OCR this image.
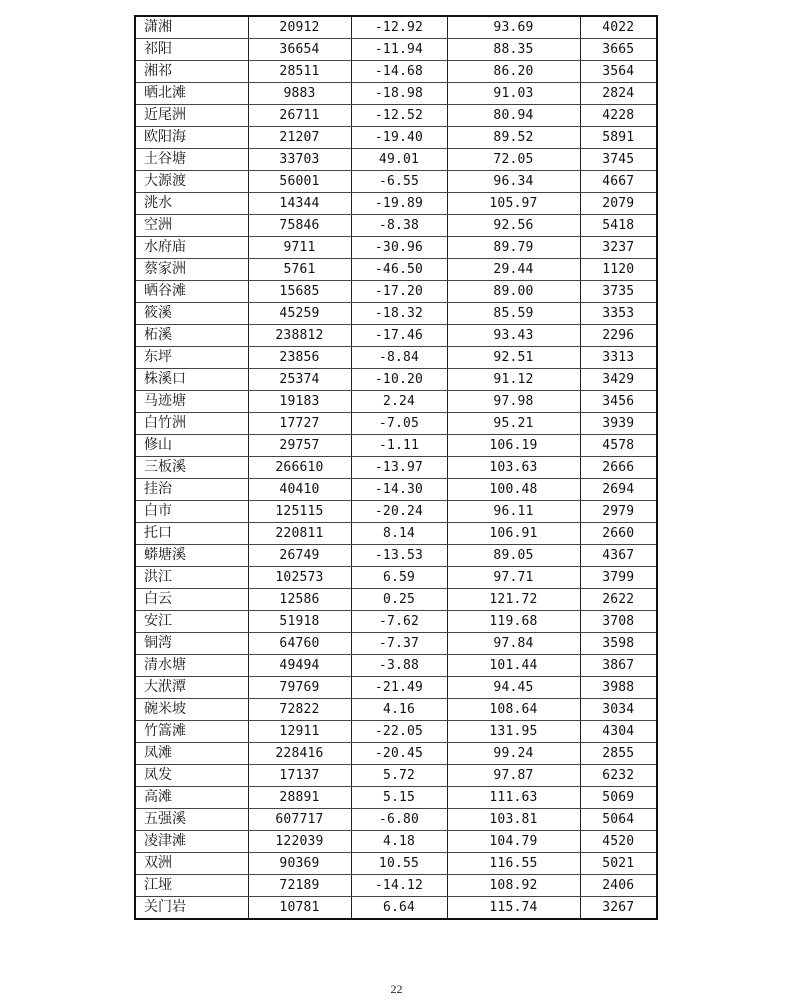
潇湘	20912	-12.92	93.69	4022
祁阳	36654	-11.94	88.35	3665
湘祁	28511	-14.68	86.20	3564
晒北滩	9883	-18.98	91.03	2824
近尾洲	26711	-12.52	80.94	4228
欧阳海	21207	-19.40	89.52	5891
土谷塘	33703	49.01	72.05	3745
大源渡	56001	-6.55	96.34	4667
洮水	14344	-19.89	105.97	2079
空洲	75846	-8.38	92.56	5418
水府庙	9711	-30.96	89.79	3237
蔡家洲	5761	-46.50	29.44	1120
晒谷滩	15685	-17.20	89.00	3735
筱溪	45259	-18.32	85.59	3353
柘溪	238812	-17.46	93.43	2296
东坪	23856	-8.84	92.51	3313
株溪口	25374	-10.20	91.12	3429
马迹塘	19183	2.24	97.98	3456
白竹洲	17727	-7.05	95.21	3939
修山	29757	-1.11	106.19	4578
三板溪	266610	-13.97	103.63	2666
挂治	40410	-14.30	100.48	2694
白市	125115	-20.24	96.11	2979
托口	220811	8.14	106.91	2660
蟒塘溪	26749	-13.53	89.05	4367
洪江	102573	6.59	97.71	3799
白云	12586	0.25	121.72	2622
安江	51918	-7.62	119.68	3708
铜湾	64760	-7.37	97.84	3598
清水塘	49494	-3.88	101.44	3867
大洑潭	79769	-21.49	94.45	3988
碗米坡	72822	4.16	108.64	3034
竹篙滩	12911	-22.05	131.95	4304
凤滩	228416	-20.45	99.24	2855
凤发	17137	5.72	97.87	6232
高滩	28891	5.15	111.63	5069
五强溪	607717	-6.80	103.81	5064
凌津滩	122039	4.18	104.79	4520
双洲	90369	10.55	116.55	5021
江垭	72189	-14.12	108.92	2406
关门岩	10781	6.64	115.74	3267
22
